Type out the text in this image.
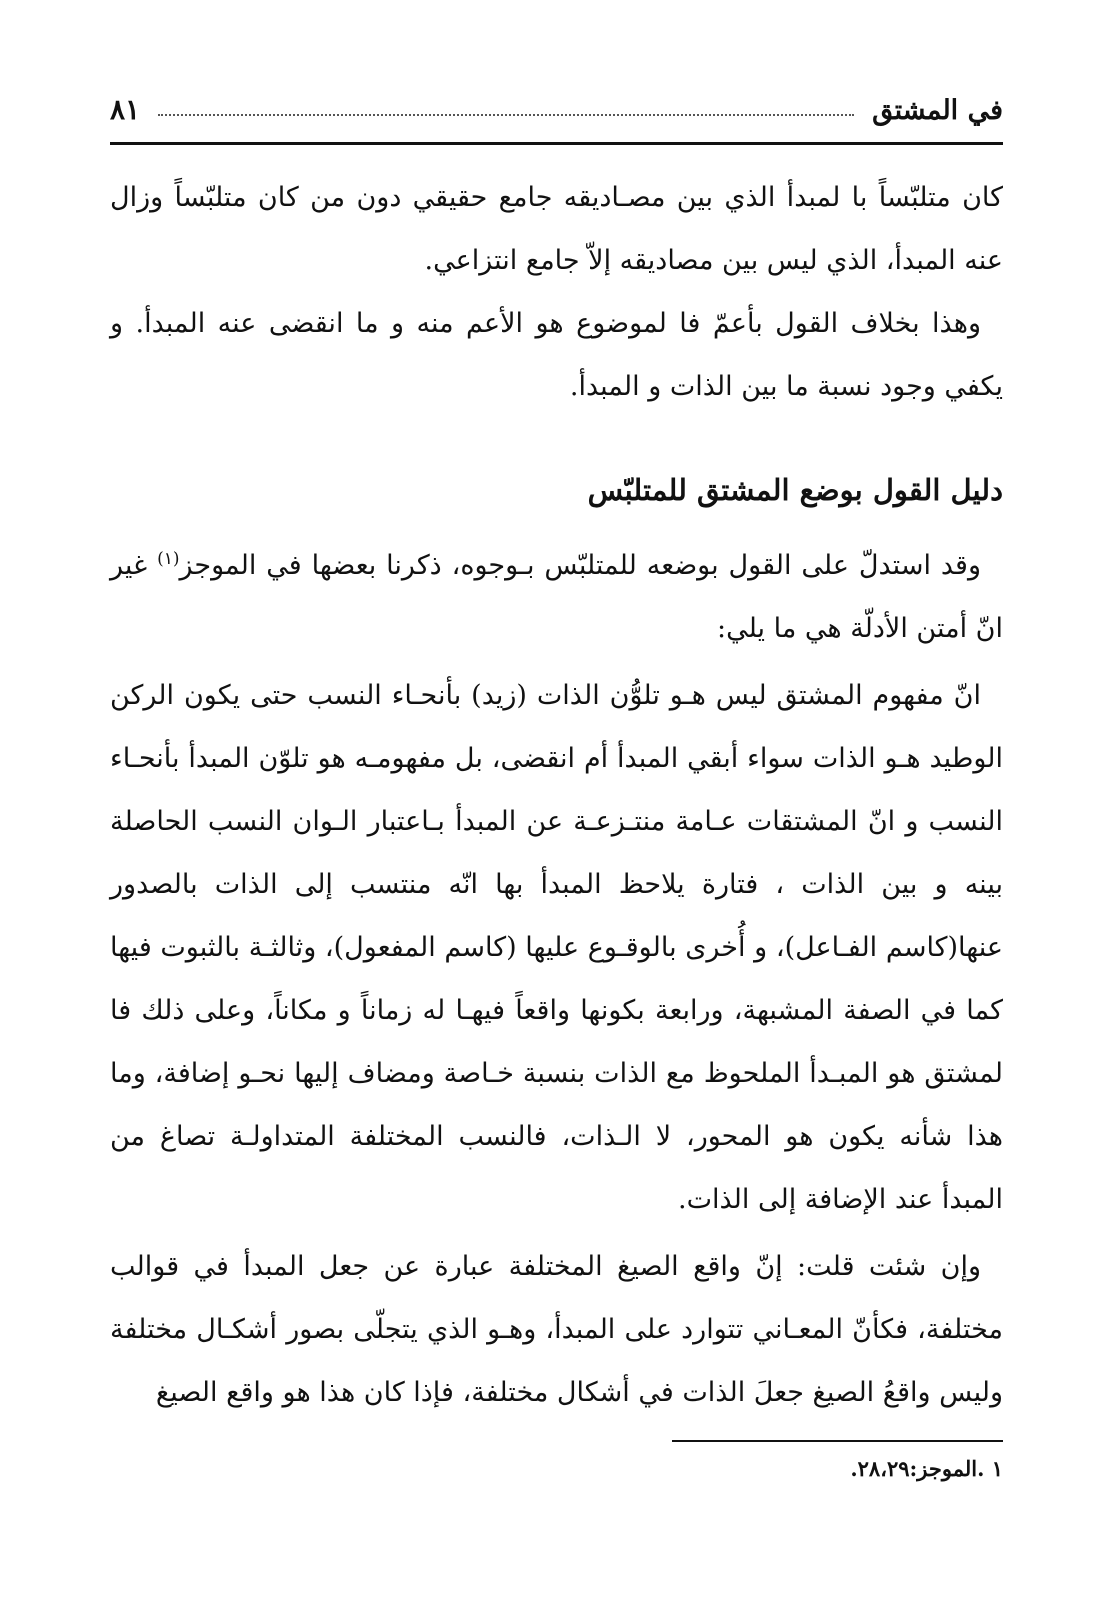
في المشتق
٨١

كان متلبّساً با لمبدأ الذي بين مصـاديقه جامع حقيقي دون من كان متلبّساً وزال عنه المبدأ، الذي ليس بين مصاديقه إلاّ جامع انتزاعي.

وهذا بخلاف القول بأعمّ فا لموضوع هو الأعم منه و ما انقضى عنه المبدأ. و يكفي وجود نسبة ما بين الذات و المبدأ.

دليل القول بوضع المشتق للمتلبّس

وقد استدلّ على القول بوضعه للمتلبّس بـوجوه، ذكرنا بعضها في الموجز$^{(١)}$ غير انّ أمتن الأدلّة هي ما يلي:

انّ مفهوم المشتق ليس هـو تلوُّن الذات (زيد) بأنحـاء النسب حتى يكون الركن الوطيد هـو الذات سواء أبقي المبدأ أم انقضى، بل مفهومـه هو تلوّن المبدأ بأنحـاء النسب و انّ المشتقات عـامة منتـزعـة عن المبدأ بـاعتبار الـوان النسب الحاصلة بينه و بين الذات ، فتارة يلاحظ المبدأ بها انّه منتسب إلى الذات بالصدور عنها(كاسم الفـاعل)، و أُخرى بالوقـوع عليها (كاسم المفعول)، وثالثـة بالثبوت فيها كما في الصفة المشبهة، ورابعة بكونها واقعاً فيهـا له زماناً و مكاناً، وعلى ذلك فا لمشتق هو المبـدأ الملحوظ مع الذات بنسبة خـاصة ومضاف إليها نحـو إضافة، وما هذا شأنه يكون هو المحور، لا الـذات، فالنسب المختلفة المتداولـة تصاغ من المبدأ عند الإضافة إلى الذات.

وإن شئت قلت: إنّ واقع الصيغ المختلفة عبارة عن جعل المبدأ في قوالب مختلفة، فكأنّ المعـاني تتوارد على المبدأ، وهـو الذي يتجلّى بصور أشكـال مختلفة وليس واقعُ الصيغ جعلَ الذات في أشكال مختلفة، فإذا كان هذا هو واقع الصيغ

١ .الموجز:٢٨،٢٩.
